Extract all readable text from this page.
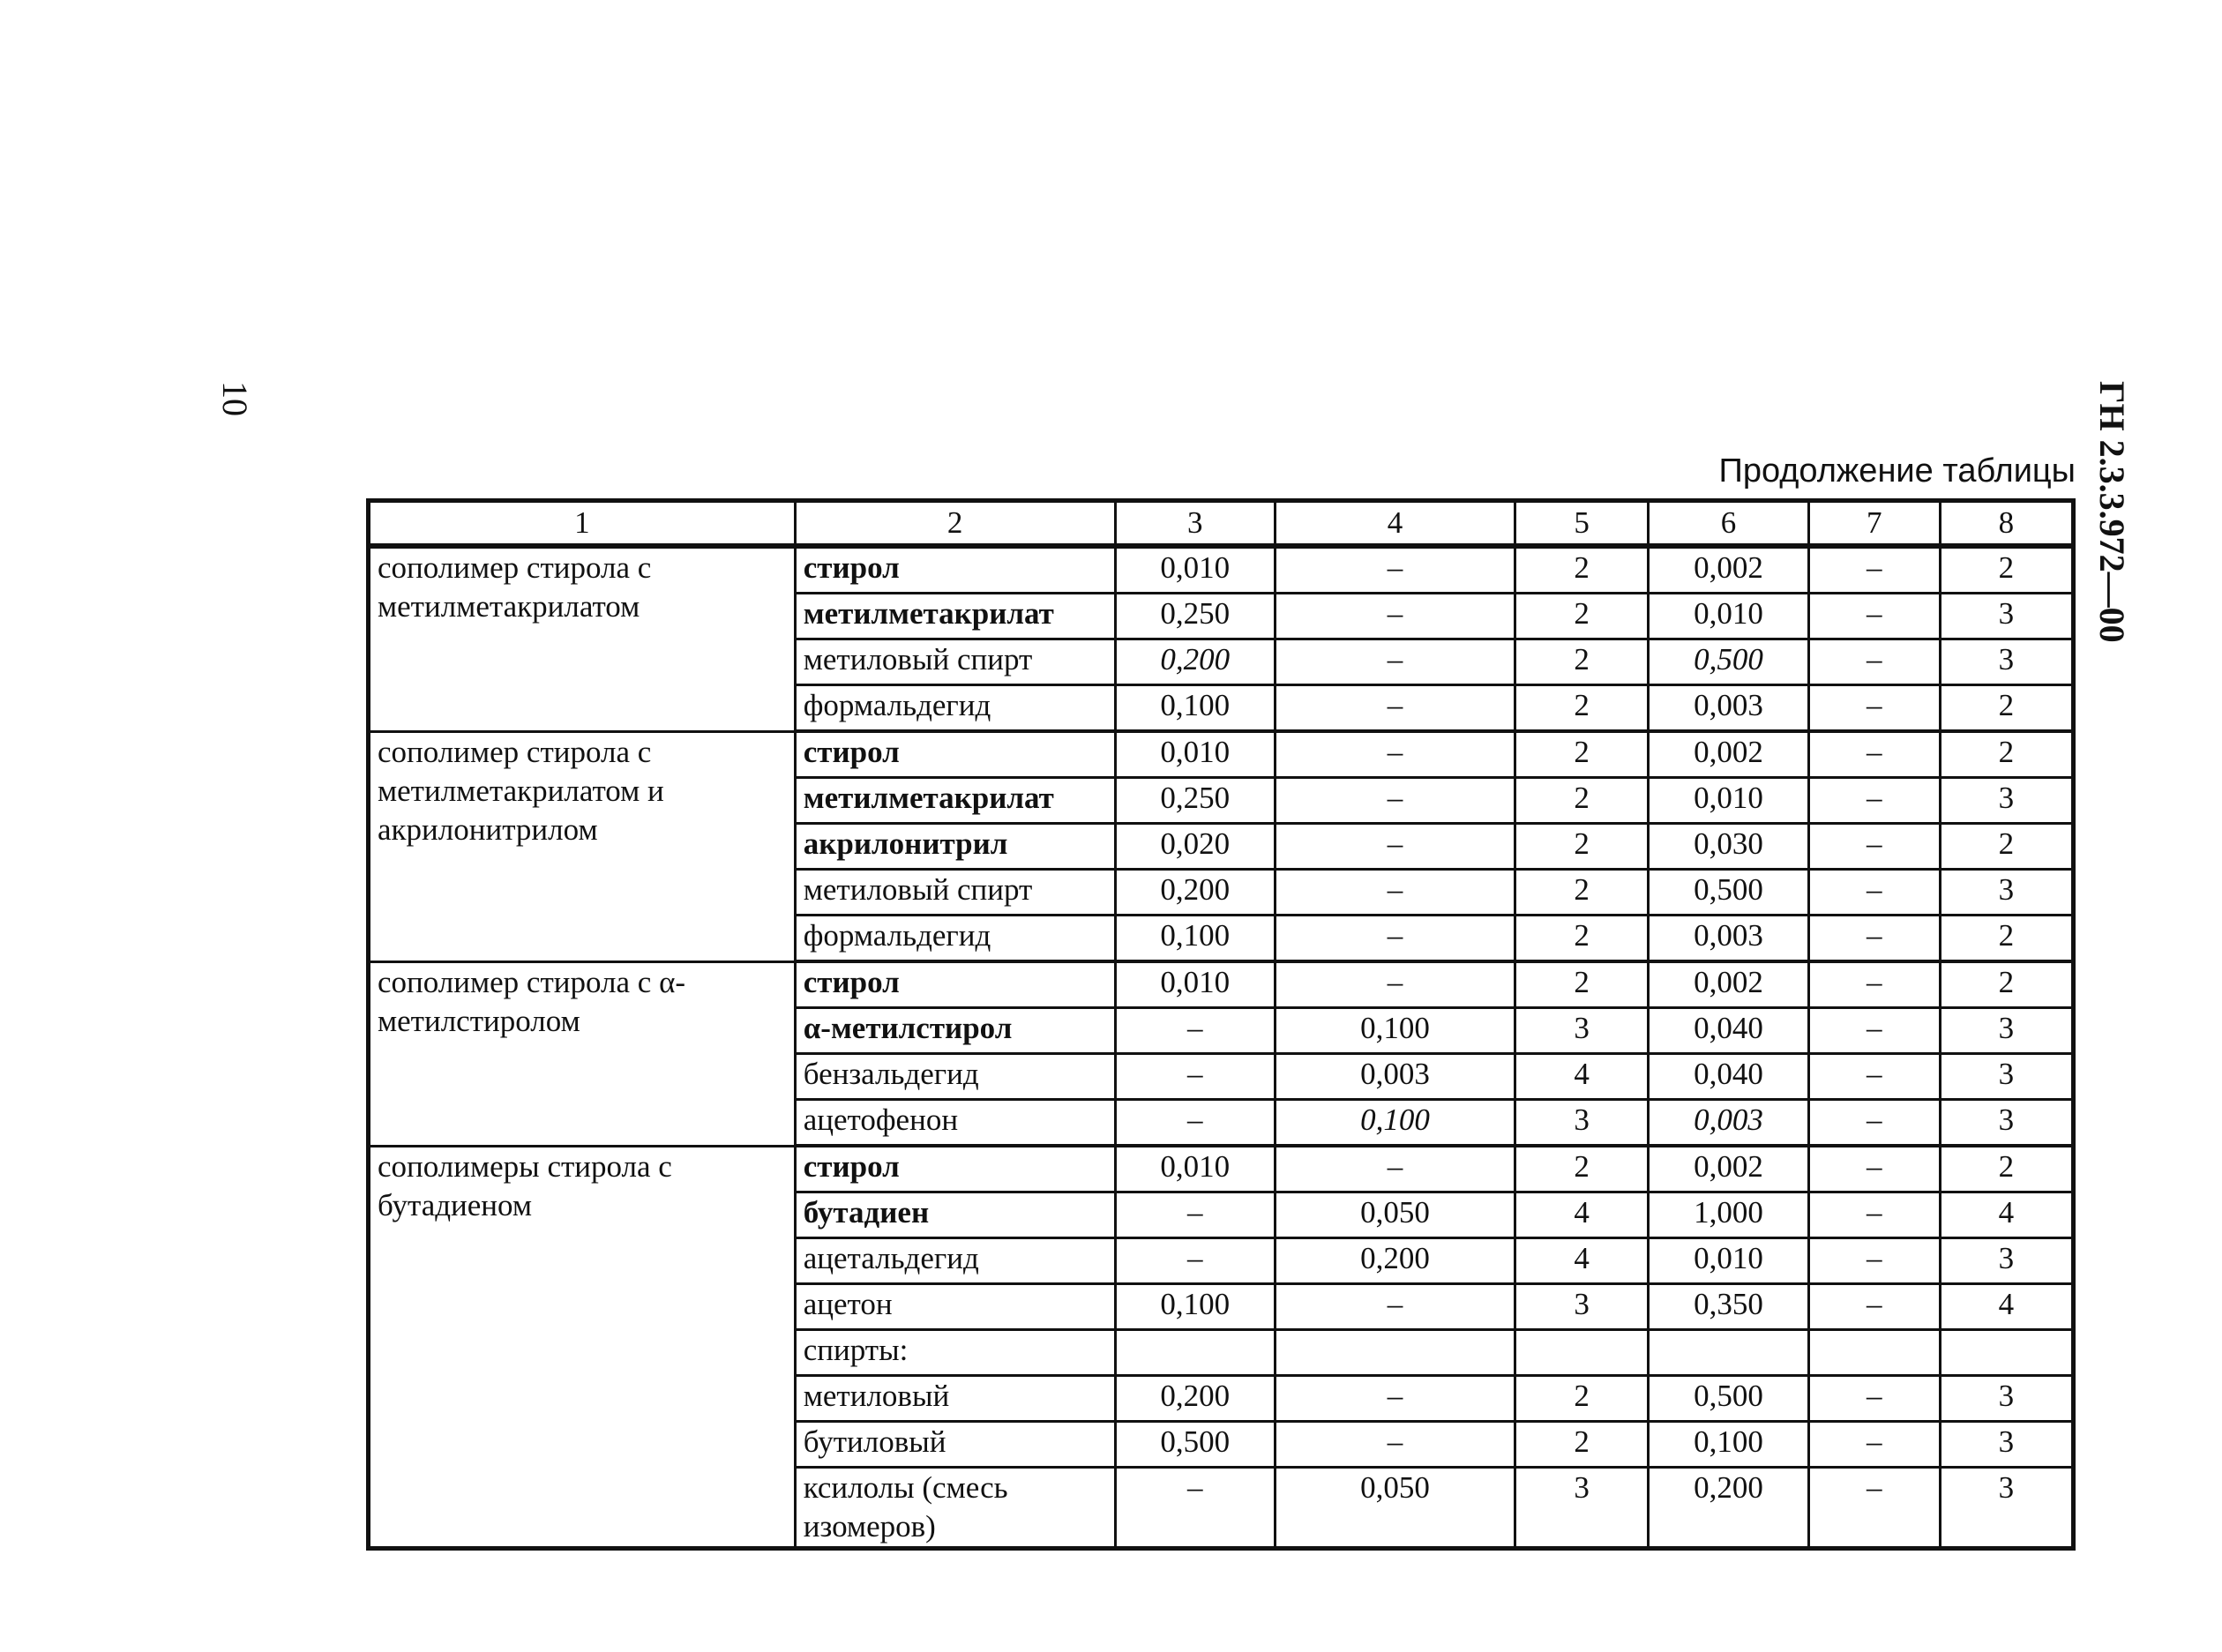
10	ГН 2.3.3.972—00
Продолжение таблицы
1	2	3	4	5	6	7	8
сополимер стирола с метилметакрилатом	стирол	0,010	–	2	0,002	–	2
	метилметакрилат	0,250	–	2	0,010	–	3
	метиловый спирт	0,200	–	2	0,500	–	3
	формальдегид	0,100	–	2	0,003	–	2
сополимер стирола с метилметакрилатом и акрилонитрилом	стирол	0,010	–	2	0,002	–	2
	метилметакрилат	0,250	–	2	0,010	–	3
	акрилонитрил	0,020	–	2	0,030	–	2
	метиловый спирт	0,200	–	2	0,500	–	3
	формальдегид	0,100	–	2	0,003	–	2
сополимер стирола с α-метилстиролом	стирол	0,010	–	2	0,002	–	2
	α-метилстирол	–	0,100	3	0,040	–	3
	бензальдегид	–	0,003	4	0,040	–	3
	ацетофенон	–	0,100	3	0,003	–	3
сополимеры стирола с бутадиеном	стирол	0,010	–	2	0,002	–	2
	бутадиен	–	0,050	4	1,000	–	4
	ацетальдегид	–	0,200	4	0,010	–	3
	ацетон	0,100	–	3	0,350	–	4
	спирты:						
	метиловый	0,200	–	2	0,500	–	3
	бутиловый	0,500	–	2	0,100	–	3
	ксилолы (смесь изомеров)	–	0,050	3	0,200	–	3
